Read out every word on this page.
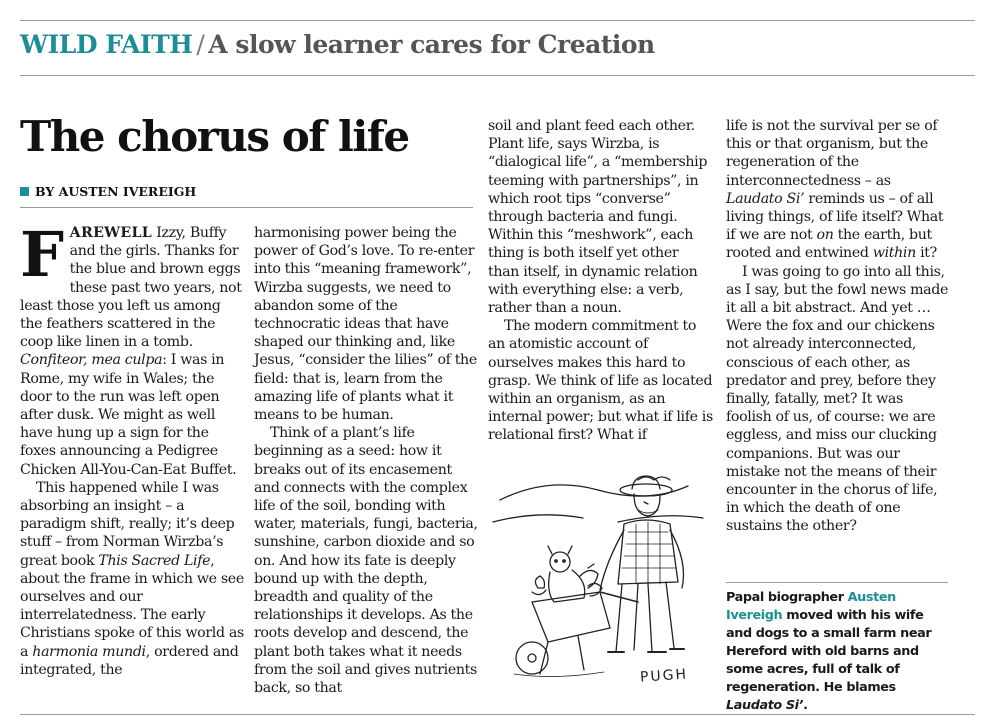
WILD FAITH / A slow learner cares for Creation
The chorus of life
BY AUSTEN IVEREIGH

FAREWELL Izzy, Buffy and the girls. Thanks for the blue and brown eggs these past two years, not least those you left us among the feathers scattered in the coop like linen in a tomb. Confiteor, mea culpa: I was in Rome, my wife in Wales; the door to the run was left open after dusk. We might as well have hung up a sign for the foxes announcing a Pedigree Chicken All-You-Can-Eat Buffet.

This happened while I was absorbing an insight – a paradigm shift, really; it’s deep stuff – from Norman Wirzba’s great book This Sacred Life, about the frame in which we see ourselves and our interrelatedness. The early Christians spoke of this world as a harmonia mundi, ordered and integrated, the

harmonising power being the power of God’s love. To re-enter into this “meaning framework”, Wirzba suggests, we need to abandon some of the technocratic ideas that have shaped our thinking and, like Jesus, “consider the lilies” of the field: that is, learn from the amazing life of plants what it means to be human.

Think of a plant’s life beginning as a seed: how it breaks out of its encasement and connects with the complex life of the soil, bonding with water, materials, fungi, bacteria, sunshine, carbon dioxide and so on. And how its fate is deeply bound up with the depth, breadth and quality of the relationships it develops. As the roots develop and descend, the plant both takes what it needs from the soil and gives nutrients back, so that

soil and plant feed each other. Plant life, says Wirzba, is “dialogical life”, a “membership teeming with partnerships”, in which root tips “converse” through bacteria and fungi. Within this “meshwork”, each thing is both itself yet other than itself, in dynamic relation with everything else: a verb, rather than a noun.

The modern commitment to an atomistic account of ourselves makes this hard to grasp. We think of life as located within an organism, as an internal power; but what if life is relational first? What if

PUGH

life is not the survival per se of this or that organism, but the regeneration of the interconnectedness – as Laudato Si’ reminds us – of all living things, of life itself? What if we are not on the earth, but rooted and entwined within it?

I was going to go into all this, as I say, but the fowl news made it all a bit abstract. And yet … Were the fox and our chickens not already interconnected, conscious of each other, as predator and prey, before they finally, fatally, met? It was foolish of us, of course: we are eggless, and miss our clucking companions. But was our mistake not the means of their encounter in the chorus of life, in which the death of one sustains the other?

Papal biographer Austen Ivereigh moved with his wife and dogs to a small farm near Hereford with old barns and some acres, full of talk of regeneration. He blames Laudato Si’.
